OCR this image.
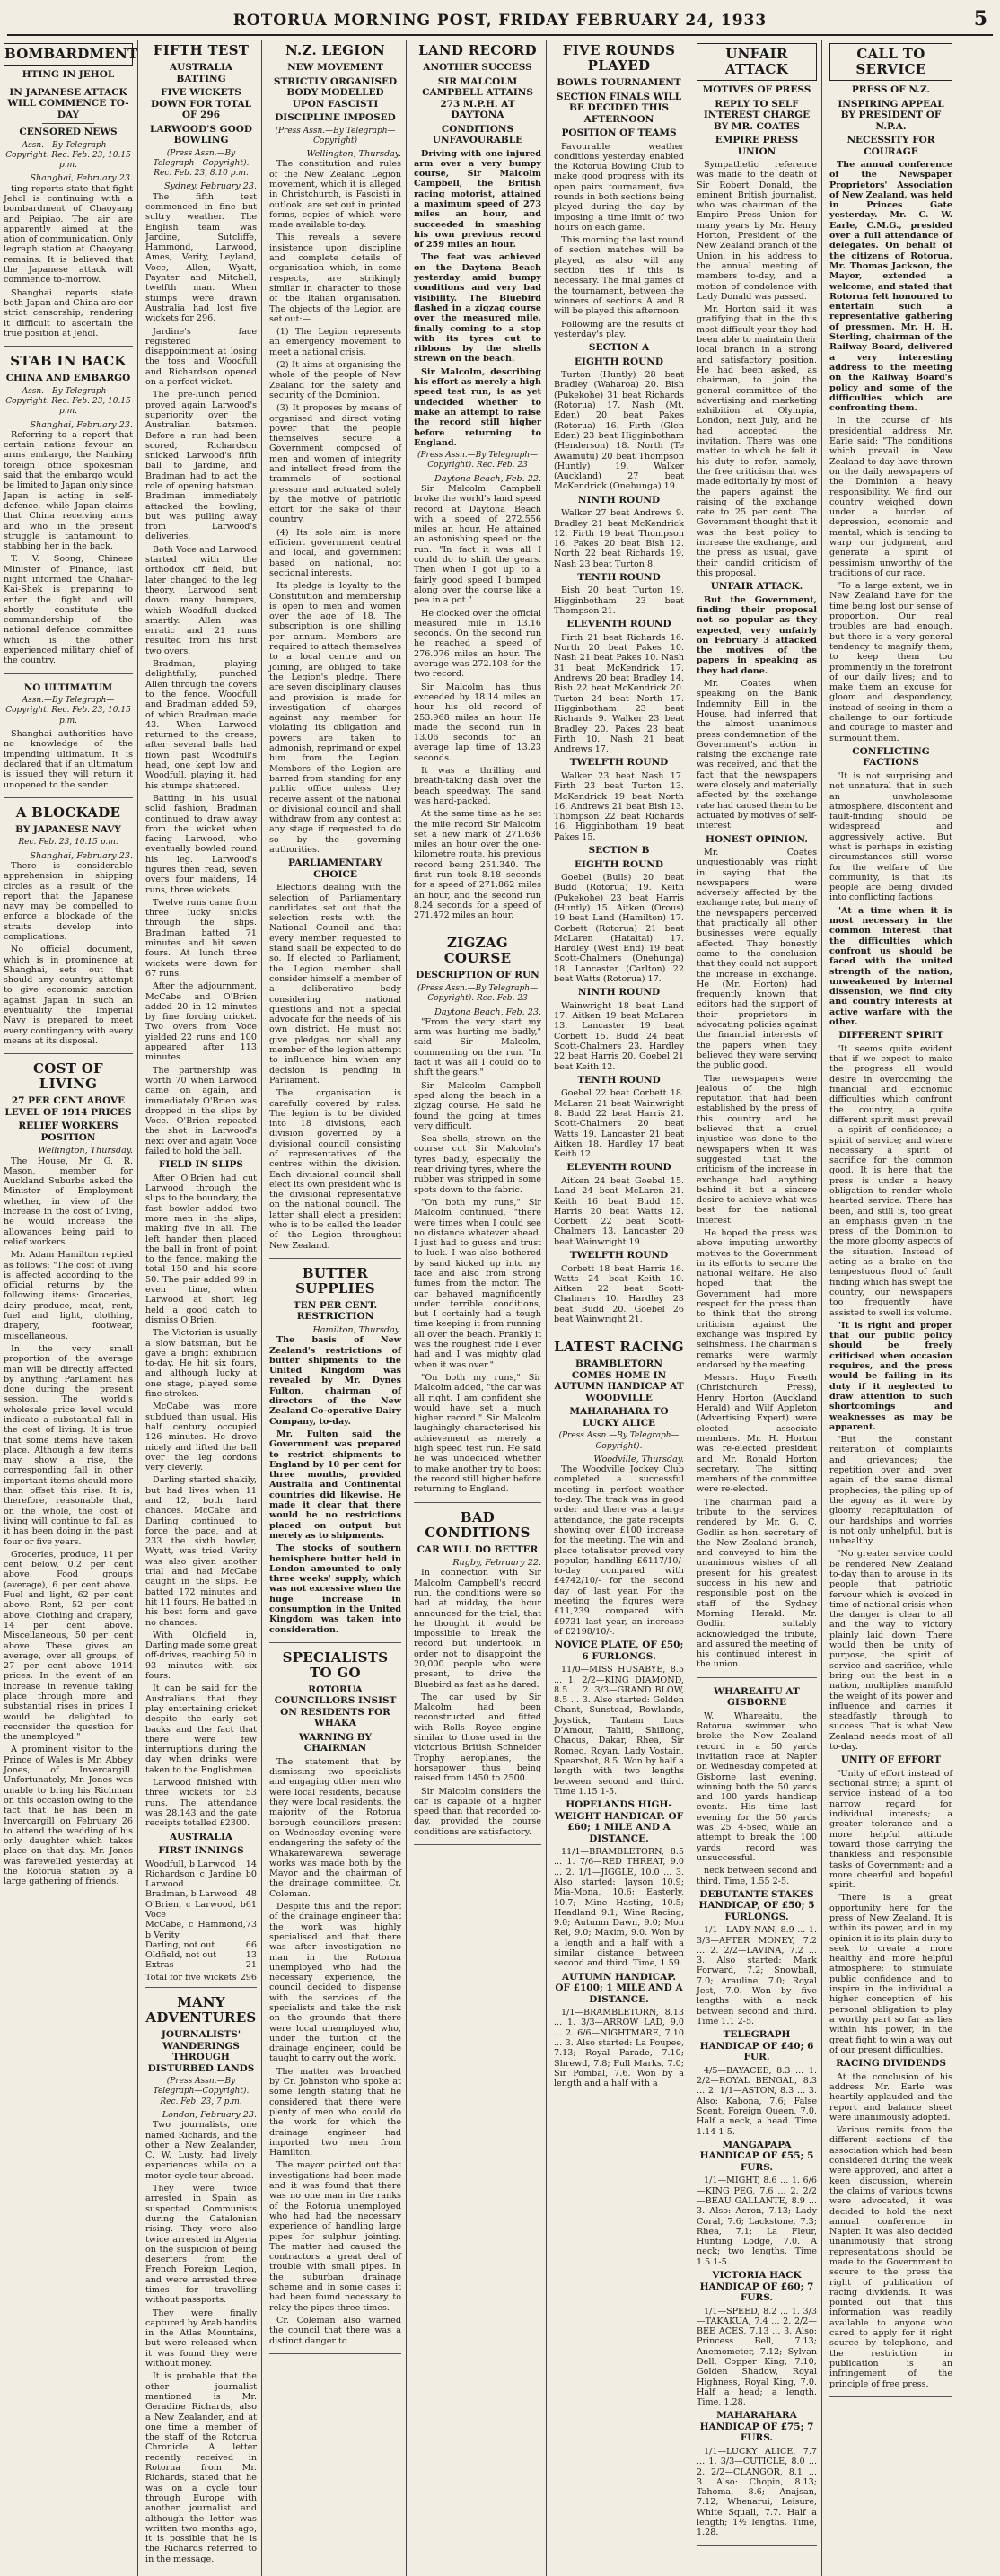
ROTORUA MORNING POST, FRIDAY FEBRUARY 24, 1933	5
BOMBARDMENT
HTING IN JEHOL
IN JAPANESE ATTACK WILL COMMENCE TO-DAY
CENSORED NEWS
Assn.—By Telegraph—Copyright. Rec. Feb. 23, 10.15 p.m.
Shanghai, February 23.

ting reports state that fight Jehol is continuing with a bombardment of Chaoyang and Peipiao. The air are apparently aimed at the ation of communication. Only legraph station at Chaoyang remains. It is believed that the Japanese attack will commence to-morrow.

Shanghai reports state both Japan and China are cor strict censorship, rendering it difficult to ascertain the true position at Jehol.

STAB IN BACK
CHINA AND EMBARGO
Assn.—By Telegraph—Copyright. Rec. Feb. 23, 10.15 p.m.
Shanghai, February 23.

Referring to a report that certain nations favour an arms embargo, the Nanking foreign office spokesman said that the embargo would be limited to Japan only since Japan is acting in self-defence, while Japan claims that China receiving arms and who in the present struggle is tantamount to stabbing her in the back.

T. V. Soong, Chinese Minister of Finance, last night informed the Chahar-Kai-Shek is preparing to enter the fight and will shortly constitute the commandership of the national defence committee which is the other experienced military chief of the country.

NO ULTIMATUM
Assn.—By Telegraph—Copyright. Rec. Feb. 23, 10.15 p.m.

Shanghai authorities have no knowledge of the impending ultimatum. It is declared that if an ultimatum is issued they will return it unopened to the sender.

A BLOCKADE
BY JAPANESE NAVY
Rec. Feb. 23, 10.15 p.m.
Shanghai, February 23.

There is considerable apprehension in shipping circles as a result of the report that the Japanese navy may be compelled to enforce a blockade of the straits develop into complications.

No official document, which is in prominence at Shanghai, sets out that should any country attempt to give economic sanction against Japan in such an eventuality the Imperial Navy is prepared to meet every contingency with every means at its disposal.

COST OF LIVING
27 PER CENT ABOVE LEVEL OF 1914 PRICES
RELIEF WORKERS POSITION
Wellington, Thursday.

The House, Mr. G. R. Mason, member for Auckland Suburbs asked the Minister of Employment whether, in view of the increase in the cost of living, he would increase the allowances being paid to relief workers.

Mr. Adam Hamilton replied as follows: "The cost of living is affected according to the official returns by the following items: Groceries, dairy produce, meat, rent, fuel and light, clothing, drapery, footwear, miscellaneous.

In the very small proportion of the average man will be directly affected by anything Parliament has done during the present session. The world's wholesale price level would indicate a substantial fall in the cost of living. It is true that some items have taken place. Although a few items may show a rise, the corresponding fall in other important items should more than offset this rise. It is, therefore, reasonable that, on the whole, the cost of living will continue to fall as it has been doing in the past four or five years.

Groceries, produce, 11 per cent below, 0.2 per cent above. Food groups (average), 6 per cent above. Fuel and light, 62 per cent above. Rent, 52 per cent above. Clothing and drapery, 14 per cent above. Miscellaneous, 50 per cent above. These gives an average, over all groups, of 27 per cent above 1914 prices. In the event of an increase in revenue taking place through more and substantial rises in prices I would be delighted to reconsider the question for the unemployed."

A prominent visitor to the Prince of Wales is Mr. Abbey Jones, of Invercargill. Unfortunately, Mr. Jones was unable to bring his Richman on this occasion owing to the fact that he has been in Invercargill on February 26 to attend the wedding of his only daughter which takes place on that day. Mr. Jones was farewelled yesterday at the Rotorua station by a large gathering of friends.

FIFTH TEST
AUSTRALIA BATTING
FIVE WICKETS DOWN FOR TOTAL OF 296
LARWOOD'S GOOD BOWLING
(Press Assn.—By Telegraph—Copyright). Rec. Feb. 23, 8.10 p.m.
Sydney, February 23.

The fifth test commenced in fine but sultry weather. The English team was Jardine, Sutcliffe, Hammond, Larwood, Ames, Verity, Leyland, Voce, Allen, Wyatt, Paynter and Mitchell, twelfth man. When stumps were drawn Australia had lost five wickets for 296.

Jardine's face registered disappointment at losing the toss and Woodfull and Richardson opened on a perfect wicket.

The pre-lunch period proved again Larwood's superiority over the Australian batsmen. Before a run had been scored, Richardson snicked Larwood's fifth ball to Jardine, and Bradman had to act the role of opening batsman. Bradman immediately attacked the bowling, but was pulling away from Larwood's deliveries.

Both Voce and Larwood started with the orthodox off field, but later changed to the leg theory. Larwood sent down many bumpers, which Woodfull ducked smartly. Allen was erratic and 21 runs resulted from his first two overs.

Bradman, playing delightfully, punched Allen through the covers to the fence. Woodfull and Bradman added 59, of which Bradman made 43. When Larwood returned to the crease, after several balls had flown past Woodfull's head, one kept low and Woodfull, playing it, had his stumps shattered.

Batting in his usual solid fashion, Bradman continued to draw away from the wicket when facing Larwood, who eventually bowled round his leg. Larwood's figures then read, seven overs four maidens, 14 runs, three wickets.

Twelve runs came from three lucky snicks through the slips. Bradman batted 71 minutes and hit seven fours. At lunch three wickets were down for 67 runs.

After the adjournment, McCabe and O'Brien added 20 in 12 minutes by fine forcing cricket. Two overs from Voce yielded 22 runs and 100 appeared after 113 minutes.

The partnership was worth 70 when Larwood came on again, and immediately O'Brien was dropped in the slips by Voce. O'Brien repeated the shot in Larwood's next over and again Voce failed to hold the ball.

FIELD IN SLIPS

After O'Brien had cut Larwood through the slips to the boundary, the fast bowler added two more men in the slips, making five in all. The left hander then placed the ball in front of point to the fence, making the total 150 and his score 50. The pair added 99 in even time, when Larwood at short leg held a good catch to dismiss O'Brien.

The Victorian is usually a slow batsman, but he gave a bright exhibition to-day. He hit six fours, and although lucky at one stage, played some fine strokes.

McCabe was more subdued than usual. His half century occupied 126 minutes. He drove nicely and lifted the ball over the leg cordons very cleverly.

Darling started shakily, but had lives when 11 and 12, both hard chances. McCabe and Darling continued to force the pace, and at 233 the sixth bowler, Wyatt, was tried. Verity was also given another trial and had McCabe caught in the slips. He batted 172 minutes and hit 11 fours. He batted in his best form and gave no chances.

With Oldfield in, Darling made some great off-drives, reaching 50 in 93 minutes with six fours.

It can be said for the Australians that they play entertaining cricket despite the early set backs and the fact that there were few interruptions during the day when drinks were taken to the Englishmen.

Larwood finished with three wickets for 53 runs. The attendance was 28,143 and the gate receipts totalled £2300.

AUSTRALIA
FIRST INNINGS
Woodfull, b Larwood 14
Richardson c Jardine b Larwood
0
Bradman, b Larwood 48
O'Brien, c Larwood, b Voce
61
McCabe, c Hammond, b Verity
73
Darling, not out	66
Oldfield, not out	13
Extras	21
Total for five wickets 296
MANY ADVENTURES
JOURNALISTS' WANDERINGS THROUGH DISTURBED LANDS
(Press Assn.—By Telegraph—Copyright). Rec. Feb. 23, 7 p.m.
London, February 23.

Two journalists, one named Richards, and the other a New Zealander, C. W. Lusty, had lively experiences while on a motor-cycle tour abroad.

They were twice arrested in Spain as suspected Communists during the Catalonian rising. They were also twice arrested in Algeria on the suspicion of being deserters from the French Foreign Legion, and were arrested three times for travelling without passports.

They were finally captured by Arab bandits in the Atlas Mountains, but were released when it was found they were without money.

It is probable that the other journalist mentioned is Mr. Geradine Richards, also a New Zealander, and at one time a member of the staff of the Rotorua Chronicle. A letter recently received in Rotorua from Mr. Richards, stated that he was on a cycle tour through Europe with another journalist and although the letter was written two months ago, it is possible that he is the Richards referred to in the message.

N.Z. LEGION
NEW MOVEMENT
STRICTLY ORGANISED BODY MODELLED UPON FASCISTI
DISCIPLINE IMPOSED
(Press Assn.—By Telegraph—Copyright)
Wellington, Thursday.

The constitution and rules of the New Zealand Legion movement, which it is alleged in Christchurch, is Fascisti in outlook, are set out in printed forms, copies of which were made available to-day.

This reveals a severe insistence upon discipline and complete details of organisation which, in some respects, are strikingly similar in character to those of the Italian organisation. The objects of the Legion are set out:—

(1) The Legion represents an emergency movement to meet a national crisis.

(2) It aims at organising the whole of the people of New Zealand for the safety and security of the Dominion.

(3) It proposes by means of organised and direct voting power that the people themselves secure a Government composed of men and women of integrity and intellect freed from the trammels of sectional pressure and actuated solely by the motive of patriotic effort for the sake of their country.

(4) Its sole aim is more efficient government central and local, and government based on national, not sectional interests.

Its pledge is loyalty to the Constitution and membership is open to men and women over the age of 18. The subscription is one shilling per annum. Members are required to attach themselves to a local centre and on joining, are obliged to take the Legion's pledge. There are seven disciplinary clauses and provision is made for investigation of charges against any member for violating its obligation and powers are taken to admonish, reprimand or expel him from the Legion. Members of the Legion are barred from standing for any public office unless they receive assent of the national or divisional council and shall withdraw from any contest at any stage if requested to do so by the governing authorities.

PARLIAMENTARY CHOICE

Elections dealing with the selection of Parliamentary candidates set out that the selection rests with the National Council and that every member requested to stand shall be expected to do so. If elected to Parliament, the Legion member shall consider himself a member of a deliberative body considering national questions and not a special advocate for the needs of his own district. He must not give pledges nor shall any member of the legion attempt to influence him when any decision is pending in Parliament.

The organisation is carefully covered by rules. The legion is to be divided into 18 divisions, each division governed by a divisional council consisting of representatives of the centres within the division. Each divisional council shall elect its own president who is the divisional representative on the national council. The latter shall elect a president who is to be called the leader of the Legion throughout New Zealand.

BUTTER SUPPLIES
TEN PER CENT. RESTRICTION
Hamilton, Thursday.

The basis of New Zealand's restrictions of butter shipments to the United Kingdom was revealed by Mr. Dynes Fulton, chairman of directors of the New Zealand Co-operative Dairy Company, to-day.

Mr. Fulton said the Government was prepared to restrict shipments to England by 10 per cent for three months, provided Australia and Continental countries did likewise. He made it clear that there would be no restrictions placed on output but merely as to shipments.

The stocks of southern hemisphere butter held in London amounted to only three weeks' supply, which was not excessive when the huge increase in consumption in the United Kingdom was taken into consideration.

SPECIALISTS TO GO
ROTORUA COUNCILLORS INSIST ON RESIDENTS FOR WHAKA
WARNING BY CHAIRMAN

The statement that by dismissing two specialists and engaging other men who were local residents, because they were local residents, the majority of the Rotorua borough councillors present on Wednesday evening were endangering the safety of the Whakarewarewa sewerage works was made both by the Mayor and the chairman of the drainage committee, Cr. Coleman.

Despite this and the report of the drainage engineer that the work was highly specialised and that there was after investigation no man in the Rotorua unemployed who had the necessary experience, the council decided to dispense with the services of the specialists and take the risk on the grounds that there were local unemployed who, under the tuition of the drainage engineer, could be taught to carry out the work.

The matter was broached by Cr. Johnston who spoke at some length stating that he considered that there were plenty of men who could do the work for which the drainage engineer had imported two men from Hamilton.

The mayor pointed out that investigations had been made and it was found that there was no one man in the ranks of the Rotorua unemployed who had had the necessary experience of handling large pipes for sulphur jointing. The matter had caused the contractors a great deal of trouble with small pipes. In the suburban drainage scheme and in some cases it had been found necessary to relay the pipes three times.

Cr. Coleman also warned the council that there was a distinct danger to

LAND RECORD
ANOTHER SUCCESS
SIR MALCOLM CAMPBELL ATTAINS 273 M.P.H. AT DAYTONA
CONDITIONS UNFAVOURABLE

Driving with one injured arm over a very bumpy course, Sir Malcolm Campbell, the British racing motorist, attained a maximum speed of 273 miles an hour, and succeeded in smashing his own previous record of 259 miles an hour.

The feat was achieved on the Daytona Beach yesterday amid bumpy conditions and very bad visibility. The Bluebird flashed in a zigzag course over the measured mile, finally coming to a stop with its tyres cut to ribbons by the shells strewn on the beach.

Sir Malcolm, describing his effort as merely a high speed test run, is as yet undecided whether to make an attempt to raise the record still higher before returning to England.

(Press Assn.—By Telegraph—Copyright). Rec. Feb. 23
Daytona Beach, Feb. 22.

Sir Malcolm Campbell broke the world's land speed record at Daytona Beach with a speed of 272.556 miles an hour. He attained an astonishing speed on the run. "In fact it was all I could do to shift the gears. Then when I got up to a fairly good speed I bumped along over the course like a pea in a pot."

He clocked over the official measured mile in 13.16 seconds. On the second run he reached a speed of 276.076 miles an hour. The average was 272.108 for the two record.

Sir Malcolm has thus exceeded by 18.14 miles an hour his old record of 253.968 miles an hour. He made the second run in 13.06 seconds for an average lap time of 13.23 seconds.

It was a thrilling and breath-taking dash over the beach speedway. The sand was hard-packed.

At the same time as he set the mile record Sir Malcolm set a new mark of 271.636 miles an hour over the one-kilometre route, his previous record being 251.340. The first run took 8.18 seconds for a speed of 271.862 miles an hour, and the second run 8.24 seconds for a speed of 271.472 miles an hour.

ZIGZAG COURSE
DESCRIPTION OF RUN
(Press Assn.—By Telegraph—Copyright). Rec. Feb. 23
Daytona Beach, Feb. 23.

"From the very start my arm was hurting me badly," said Sir Malcolm, commenting on the run. "In fact it was all I could do to shift the gears."

Sir Malcolm Campbell sped along the beach in a zigzag course. He said he found the going at times very difficult.

Sea shells, strewn on the course cut Sir Malcolm's tyres badly, especially the rear driving tyres, where the rubber was stripped in some spots down to the fabric.

"On both my runs," Sir Malcolm continued, "there were times when I could see no distance whatever ahead. I just had to guess and trust to luck. I was also bothered by sand kicked up into my face and also from strong fumes from the motor. The car behaved magnificently under terrible conditions, but I certainly had a tough time keeping it from running all over the beach. Frankly it was the roughest ride I ever had and I was mighty glad when it was over."

"On both my runs," Sir Malcolm added, "the car was all right. I am confident she would have set a much higher record." Sir Malcolm laughingly characterised his achievement as merely a high speed test run. He said he was undecided whether to make another try to boost the record still higher before returning to England.

BAD CONDITIONS
CAR WILL DO BETTER
Rugby, February 22.

In connection with Sir Malcolm Campbell's record run, the conditions were so bad at midday, the hour announced for the trial, that he thought it would be impossible to break the record but undertook, in order not to disappoint the 20,000 people who were present, to drive the Bluebird as fast as he dared.

The car used by Sir Malcolm had been reconstructed and fitted with Rolls Royce engine similar to those used in the victorious British Schneider Trophy aeroplanes, the horsepower thus being raised from 1450 to 2500.

Sir Malcolm considers the car is capable of a higher speed than that recorded to-day, provided the course conditions are satisfactory.

FIVE ROUNDS PLAYED
BOWLS TOURNAMENT
SECTION FINALS WILL BE DECIDED THIS AFTERNOON
POSITION OF TEAMS

Favourable weather conditions yesterday enabled the Rotorua Bowling Club to make good progress with its open pairs tournament, five rounds in both sections being played during the day by imposing a time limit of two hours on each game.

This morning the last round of section matches will be played, as also will any section ties if this is necessary. The final games of the tournament, between the winners of sections A and B will be played this afternoon.

Following are the results of yesterday's play.

SECTION A
EIGHTH ROUND

Turton (Huntly) 28 beat Bradley (Waharoa) 20. Bish (Pukekohe) 31 beat Richards (Rotorua) 17. Nash (Mt. Eden) 20 beat Pakes (Rotorua) 16. Firth (Glen Eden) 23 beat Higginbotham (Henderson) 18. North (Te Awamutu) 20 beat Thompson (Huntly) 19. Walker (Auckland) 27 beat McKendrick (Onehunga) 19.

NINTH ROUND

Walker 27 beat Andrews 9. Bradley 21 beat McKendrick 12. Firth 19 beat Thompson 16. Pakes 20 beat Bish 12. North 22 beat Richards 19. Nash 23 beat Turton 8.

TENTH ROUND

Bish 20 beat Turton 19. Higginbotham 23 beat Thompson 21.

ELEVENTH ROUND

Firth 21 beat Richards 16. North 20 beat Pakes 10. Nash 21 beat Pakes 10. Nash 31 beat McKendrick 17. Andrews 20 beat Bradley 14. Bish 22 beat McKendrick 20. Turton 24 beat North 17. Higginbotham 23 beat Richards 9. Walker 23 beat Bradley 20. Pakes 23 beat Firth 10. Nash 21 beat Andrews 17.

TWELFTH ROUND

Walker 23 beat Nash 17. Firth 23 beat Turton 13. McKendrick 19 beat North 16. Andrews 21 beat Bish 13. Thompson 22 beat Richards 16. Higginbotham 19 beat Pakes 15.

SECTION B
EIGHTH ROUND

Goebel (Bulls) 20 beat Budd (Rotorua) 19. Keith (Pukekohe) 23 beat Harris (Huntly) 15. Aitken (Orous) 19 beat Land (Hamilton) 17. Corbett (Rotorua) 21 beat McLaren (Hataitai) 17. Hardley (West End) 19 beat Scott-Chalmers (Onehunga) 18. Lancaster (Carlton) 22 beat Watts (Rotorua) 17.

NINTH ROUND

Wainwright 18 beat Land 17. Aitken 19 beat McLaren 13. Lancaster 19 beat Corbett 15. Budd 24 beat Scott-Chalmers 23. Hardley 22 beat Harris 20. Goebel 21 beat Keith 12.

TENTH ROUND

Goebel 22 beat Corbett 18. McLaren 21 beat Wainwright 8. Budd 22 beat Harris 21. Scott-Chalmers 20 beat Watts 19. Lancaster 21 beat Aitken 18. Hardley 17 beat Keith 12.

ELEVENTH ROUND

Aitken 24 beat Goebel 15. Land 24 beat McLaren 21. Keith 16 beat Budd 15. Harris 20 beat Watts 12. Corbett 22 beat Scott-Chalmers 13. Lancaster 20 beat Wainwright 19.

TWELFTH ROUND

Corbett 18 beat Harris 16. Watts 24 beat Keith 10. Aitken 22 beat Scott-Chalmers 10. Hardley 23 beat Budd 20. Goebel 26 beat Wainwright 21.

LATEST RACING
BRAMBLETORN COMES HOME IN AUTUMN HANDICAP AT WOODVILLE
MAHARAHARA TO LUCKY ALICE
(Press Assn.—By Telegraph—Copyright).
Woodville, Thursday.

The Woodville Jockey Club completed a successful meeting in perfect weather to-day. The track was in good order and there was a large attendance, the gate receipts showing over £100 increase for the meeting. The win and place totalisator proved very popular, handling £6117/10/- to-day compared with £4742/10/- for the second day of last year. For the meeting the figures were £11,239 compared with £9731 last year, an increase of £2198/10/-.

NOVICE PLATE, OF £50; 6 FURLONGS.

11/0—MISS HUSABYE, 8.5 ... 1. 2/2—KING DIAMOND, 8.5 ... 2. 3/3—GRAND BLOW, 8.5 ... 3. Also started: Golden Chant, Sunstead, Rowlands, Joystick, Tantam Lucs D'Amour, Tahiti, Shillong, Chacus, Dakar, Rhea, Sir Romeo, Royan, Lady Vostain, Spearshot, 8.5. Won by half a length with two lengths between second and third. Time 1.15 1-5.

HOPELANDS HIGH-WEIGHT HANDICAP. OF £60; 1 MILE AND A DISTANCE.

11/1—BRAMBLETORN, 8.5 ... 1. 7/6—RED THREAT, 9.0 ... 2. 1/1—JIGGLE, 10.0 ... 3. Also started: Jayson 10.9; Mia-Mona, 10.6; Easterly, 10.7; Mine Hasting, 10.5; Headland 9.1; Wine Racing, 9.0; Autumn Dawn, 9.0; Mon Rel, 9.0; Maxim, 9.0. Won by a length and a half with a similar distance between second and third. Time, 1.59.

AUTUMN HANDICAP. OF £100; 1 MILE AND A DISTANCE.

1/1—BRAMBLETORN, 8.13 ... 1. 3/3—ARROW LAD, 9.0 ... 2. 6/6—NIGHTMARE, 7.10 ... 3. Also started: La Poupee, 7.13; Royal Parade, 7.10; Shrewd, 7.8; Full Marks, 7.0; Sir Pombal, 7.6. Won by a length and a half with a

UNFAIR ATTACK
MOTIVES OF PRESS
REPLY TO SELF INTEREST CHARGE BY MR. COATES
EMPIRE PRESS UNION

Sympathetic reference was made to the death of Sir Robert Donald, the eminent British journalist, who was chairman of the Empire Press Union for many years by Mr. Henry Horton, President of the New Zealand branch of the Union, in his address to the annual meeting of members to-day, and a motion of condolence with Lady Donald was passed.

Mr. Horton said it was gratifying that in the this most difficult year they had been able to maintain their local branch in a strong and satisfactory position. He had been asked, as chairman, to join the general committee of the advertising and marketing exhibition at Olympia, London, next July, and he had accepted the invitation. There was one matter to which he felt it his duty to refer, namely, the free criticism that was made editorially by most of the papers against the raising of the exchange rate to 25 per cent. The Government thought that it was the best policy to increase the exchange, and the press as usual, gave their candid criticism of this proposal.

UNFAIR ATTACK.

But the Government, finding their proposal not so popular as they expected, very unfairly on February 3 attacked the motives of the papers in speaking as they had done.

Mr. Coates when speaking on the Bank Indemnity Bill in the House, had inferred that the almost unanimous press condemnation of the Government's action in raising the exchange rate was received, and that the fact that the newspapers were closely and materially affected by the exchange rate had caused them to be actuated by motives of self-interest.

HONEST OPINION.

Mr. Coates unquestionably was right in saying that the newspapers were adversely affected by the exchange rate, but many of the newspapers perceived that practically all other businesses were equally affected. They honestly came to the conclusion that they could not support the increase in exchange. He (Mr. Horton) had frequently known that editors had the support of their proprietors in advocating policies against the financial interests of the papers when they believed they were serving the public good.

The newspapers were jealous of the high reputation that had been established by the press of this country and he believed that a cruel injustice was done to the newspapers when it was suggested that the criticism of the increase in exchange had anything behind it but a sincere desire to achieve what was best for the national interest.

He hoped the press was above imputing unworthy motives to the Government in its efforts to secure the national welfare. He also hoped that the Government had more respect for the press than to think that the strong criticism against the exchange was inspired by selfishness. The chairman's remarks were warmly endorsed by the meeting.

Messrs. Hugo Freeth (Christchurch Press), Henry Horton (Auckland Herald) and Wilf Appleton (Advertising Expert) were elected associate members. Mr. H. Horton was re-elected president and Mr. Ronald Horton secretary. The sitting members of the committee were re-elected.

The chairman paid a tribute to the services rendered by Mr. G. C. Godlin as hon. secretary of the New Zealand branch, and conveyed to him the unanimous wishes of all present for his greatest success in his new and responsible post on the staff of the Sydney Morning Herald. Mr. Godlin suitably acknowledged the tribute, and assured the meeting of his continued interest in the union.

WHAREAITU AT GISBORNE

W. Whareaitu, the Rotorua swimmer who broke the New Zealand record in a 50 yards invitation race at Napier on Wednesday competed at Gisborne last evening, winning both the 50 yards and 100 yards handicap events. His time last evening for the 50 yards was 25 4-5sec, while an attempt to break the 100 yards record was unsuccessful.

neck between second and third. Time, 1.55 2-5.

DEBUTANTE STAKES HANDICAP, OF £50; 5 FURLONGS.

1/1—LADY NAN, 8.9 ... 1. 3/3—AFTER MONEY, 7.2 ... 2. 2/2—LAVINA, 7.2 ... 3. Also started: Mark Forward, 7.2; Snowball, 7.0; Arauline, 7.0; Royal Jest, 7.0. Won by five lengths with a neck between second and third. Time 1.1 2-5.

TELEGRAPH HANDICAP OF £40; 6 FUR.

4/5—BAYACEE, 8.3 ... 1. 2/2—ROYAL BENGAL, 8.3 ... 2. 1/1—ASTON, 8.3 ... 3. Also: Kabona, 7.6; False Scent, Foreign Queen, 7.0. Half a neck, a head. Time 1.14 1-5.

MANGAPAPA HANDICAP OF £55; 5 FURS.

1/1—MIGHT, 8.6 ... 1. 6/6—KING PEG, 7.6 ... 2. 2/2—BEAU GALLANTE, 8.9 ... 3. Also: Acron, 7.13; Lady Coral, 7.6; Lackstone, 7.3; Rhea, 7.1; La Fleur, Hunting Lodge, 7.0. A neck; two lengths. Time 1.5 1-5.

VICTORIA HACK HANDICAP OF £60; 7 FURS.

1/1—SPEED, 8.2 ... 1. 3/3—TAKAKUA, 7.4 ... 2. 2/2—BEE ACES, 7.13 ... 3. Also: Princess Bell, 7.13; Anemometer, 7.12; Sylvan Dell, Copper King, 7.10; Golden Shadow, Royal Highness, Royal King, 7.0. Half a head; a length. Time, 1.28.

MAHARAHARA HANDICAP OF £75; 7 FURS.

1/1—LUCKY ALICE, 7.7 ... 1. 3/3—CUTICLE, 8.0 ... 2. 2/2—CLANGOR, 8.1 ... 3. Also: Chopin, 8.13; Tahoma, 8.6; Anajsan, 7.12; Whenarui, Leisure, White Squall, 7.7. Half a length; 1½ lengths. Time, 1.28.

CALL TO SERVICE
PRESS OF N.Z.
INSPIRING APPEAL BY PRESIDENT OF N.P.A.
NECESSITY FOR COURAGE

The annual conference of the Newspaper Proprietors' Association of New Zealand, was held in Princes Gate yesterday. Mr. C. W. Earle, C.M.G., presided over a full attendance of delegates. On behalf of the citizens of Rotorua, Mr. Thomas Jackson, the Mayor, extended a welcome, and stated that Rotorua felt honoured to entertain such a representative gathering of pressmen. Mr. H. H. Sterling, chairman of the Railway Board, delivered a very interesting address to the meeting on the Railway Board's policy and some of the difficulties which are confronting them.

In the course of his presidential address Mr. Earle said: "The conditions which prevail in New Zealand to-day have thrown on the daily newspapers of the Dominion a heavy responsibility. We find our country weighed down under a burden of depression, economic and mental, which is tending to warp our judgment, and generate a spirit of pessimism unworthy of the traditions of our race.

"To a large extent, we in New Zealand have for the time being lost our sense of proportion. Our real troubles are bad enough, but there is a very general tendency to magnify them; to keep them too prominently in the forefront of our daily lives; and to make them an excuse for gloom and despondency, instead of seeing in them a challenge to our fortitude and courage to master and surmount them.

CONFLICTING FACTIONS

"It is not surprising and not unnatural that in such an unwholesome atmosphere, discontent and fault-finding should be widespread and aggressively active. But what is perhaps in existing circumstances still worse for the welfare of the community, is that its people are being divided into conflicting factions.

"At a time when it is most necessary in the common interest that the difficulties which confront us should be faced with the united strength of the nation, unweakened by internal dissension, we find city and country interests at active warfare with the other.

DIFFERENT SPIRIT

"It seems quite evident that if we expect to make the progress all would desire in overcoming the financial and economic difficulties which confront the country, a quite different spirit must prevail—a spirit of confidence; a spirit of service; and where necessary a spirit of sacrifice for the common good. It is here that the press is under a heavy obligation to render whole hearted service. There has been, and still is, too great an emphasis given in the press of the Dominion to the more gloomy aspects of the situation. Instead of acting as a brake on the tempestuous flood of fault finding which has swept the country, our newspapers too frequently have assisted to swell its volume.

"It is right and proper that our public policy should be freely criticised when occasion requires, and the press would be failing in its duty if it neglected to draw attention to such shortcomings and weaknesses as may be apparent.

"But the constant reiteration of complaints and grievances; the repetition over and over again of the same dismal prophecies; the piling up of the agony as it were by gloomy recapitulation of our hardships and worries is not only unhelpful, but is unhealthy.

"No greater service could be rendered New Zealand to-day than to arouse in its people that patriotic fervour which is evoked in time of national crisis when the danger is clear to all and the way to victory plainly laid down. There would then be unity of purpose, the spirit of service and sacrifice, while bring out the best in a nation, multiplies manifold the weight of its power and influence and carries it steadfastly through to success. That is what New Zealand needs most of all to-day.

UNITY OF EFFORT

"Unity of effort instead of sectional strife; a spirit of service instead of a too narrow regard for individual interests; a greater tolerance and a more helpful attitude toward those carrying the thankless and responsible tasks of Government; and a more cheerful and hopeful spirit.

"There is a great opportunity here for the press of New Zealand. It is within its power, and in my opinion it is its plain duty to seek to create a more healthy and more helpful atmosphere; to stimulate public confidence and to inspire in the individual a higher conception of his personal obligation to play a worthy part so far as lies within his power, in the great fight to win a way out of our present difficulties.

RACING DIVIDENDS

At the conclusion of his address Mr. Earle was heartily applauded and the report and balance sheet were unanimously adopted.

Various remits from the different sections of the association which had been considered during the week were approved, and after a keen discussion, wherein the claims of various towns were advocated, it was decided to hold the next annual conference in Napier. It was also decided unanimously that strong representations should be made to the Government to secure to the press the right of publication of racing dividends. It was pointed out that this information was readily available to anyone who cared to apply for it right source by telephone, and the restriction in publication is an infringement of the principle of free press.
